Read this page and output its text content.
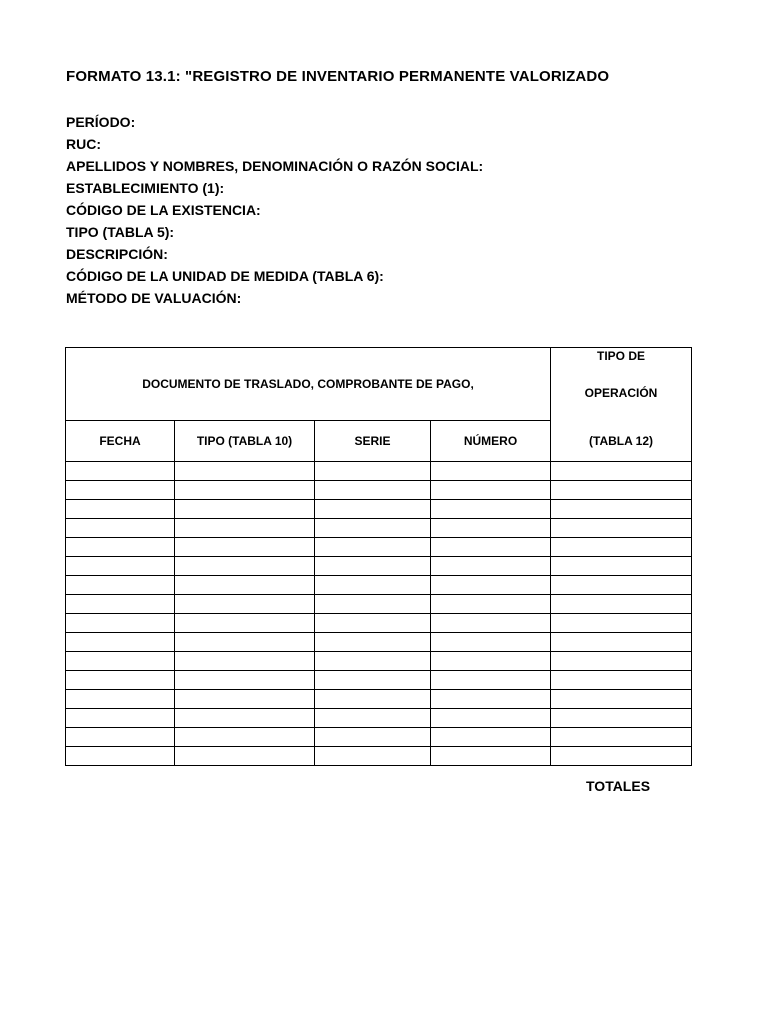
FORMATO 13.1: "REGISTRO DE INVENTARIO PERMANENTE VALORIZADO
PERÍODO:
RUC:
APELLIDOS Y NOMBRES, DENOMINACIÓN O RAZÓN SOCIAL:
ESTABLECIMIENTO (1):
CÓDIGO DE LA EXISTENCIA:
TIPO (TABLA 5):
DESCRIPCIÓN:
CÓDIGO DE LA UNIDAD DE MEDIDA (TABLA 6):
MÉTODO DE VALUACIÓN:
DOCUMENTO DE TRASLADO, COMPROBANTE DE PAGO,				TIPO DE
OPERACIÓN

FECHA	TIPO (TABLA 10)	SERIE	NÚMERO	(TABLA 12)

TOTALES
